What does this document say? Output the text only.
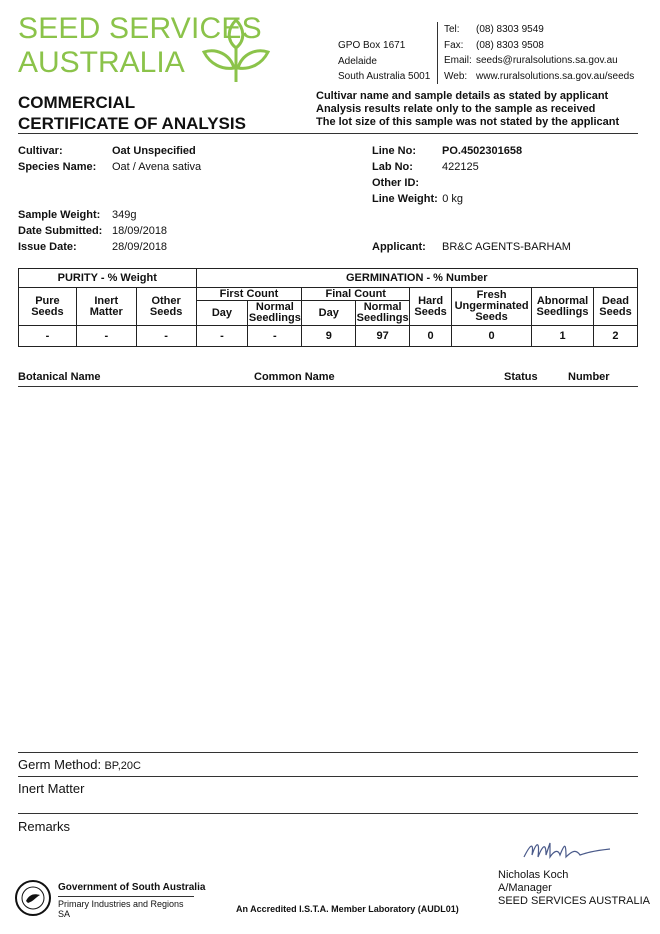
SEED SERVICES
AUSTRALIA
GPO Box 1671
Adelaide
South Australia 5001
Tel: (08) 8303 9549
Fax: (08) 8303 9508
Email: seeds@ruralsolutions.sa.gov.au
Web: www.ruralsolutions.sa.gov.au/seeds
COMMERCIAL
CERTIFICATE OF ANALYSIS
Cultivar name and sample details as stated by applicant
Analysis results relate only to the sample as received
The lot size of this sample was not stated by the applicant
Cultivar:	Oat Unspecified
Species Name: Oat / Avena sativa
Sample Weight: 349g
Date Submitted: 18/09/2018
Issue Date:	28/09/2018
Line No: PO.4502301658
Lab No:	422125
Other ID:
Line Weight: 0 kg
Applicant: BR&C AGENTS-BARHAM
PURITY - % Weight			GERMINATION - % Number							
Pure Seeds	Inert Matter	Other Seeds	First Count		Final Count		Hard Seeds	Fresh Ungerminated Seeds	Abnormal Seedlings	Dead Seeds
			Day	Normal Seedlings	Day	Normal Seedlings				
-	-	-	-	-	9	97	0	0	1	2
Botanical Name	Common Name	Status	Number
Germ Method: BP,20C
Inert Matter
Remarks
Nicholas Koch
A/Manager
SEED SERVICES AUSTRALIA
Government of South Australia
Primary Industries and Regions SA	An Accredited I.S.T.A. Member Laboratory (AUDL01)
